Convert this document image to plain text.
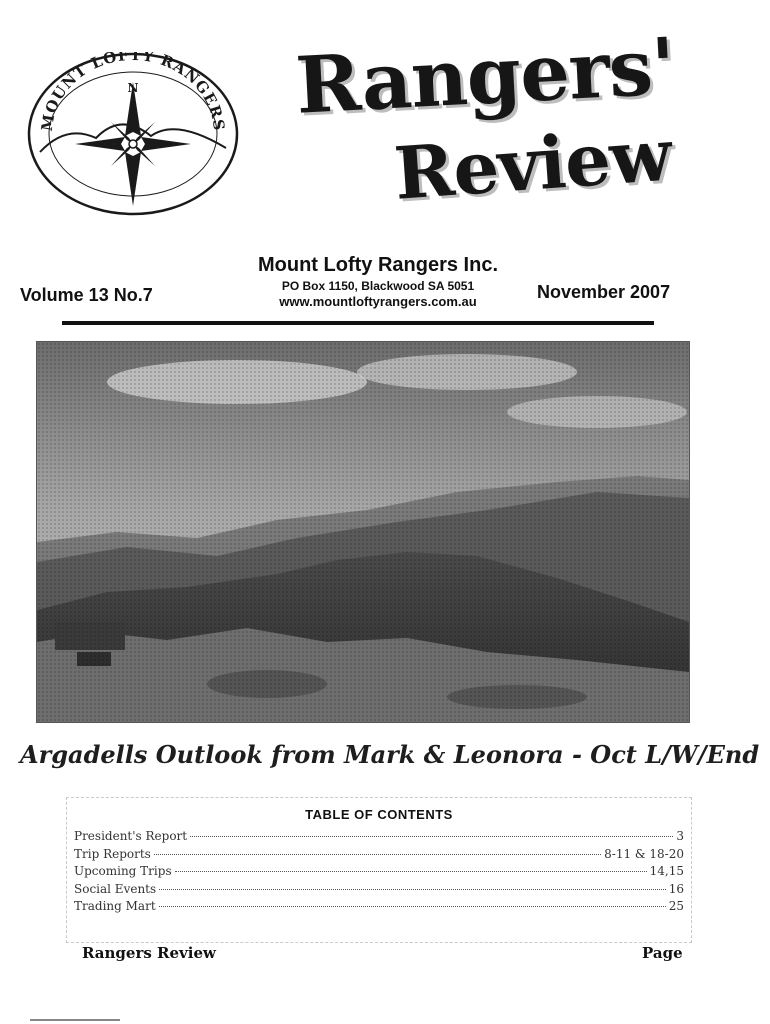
N
MOUNT LOFTY RANGERS Rangers'
Review
Mount Lofty Rangers Inc.
PO Box 1150, Blackwood SA 5051
www.mountloftyrangers.com.au
Volume 13 No.7	November 2007
Argadells Outlook from Mark & Leonora - Oct L/W/End
TABLE OF CONTENTS
President's Report	3
Trip Reports	8-11 & 18-20
Upcoming Trips	14,15
Social Events	16
Trading Mart	25
Rangers Review	Page
